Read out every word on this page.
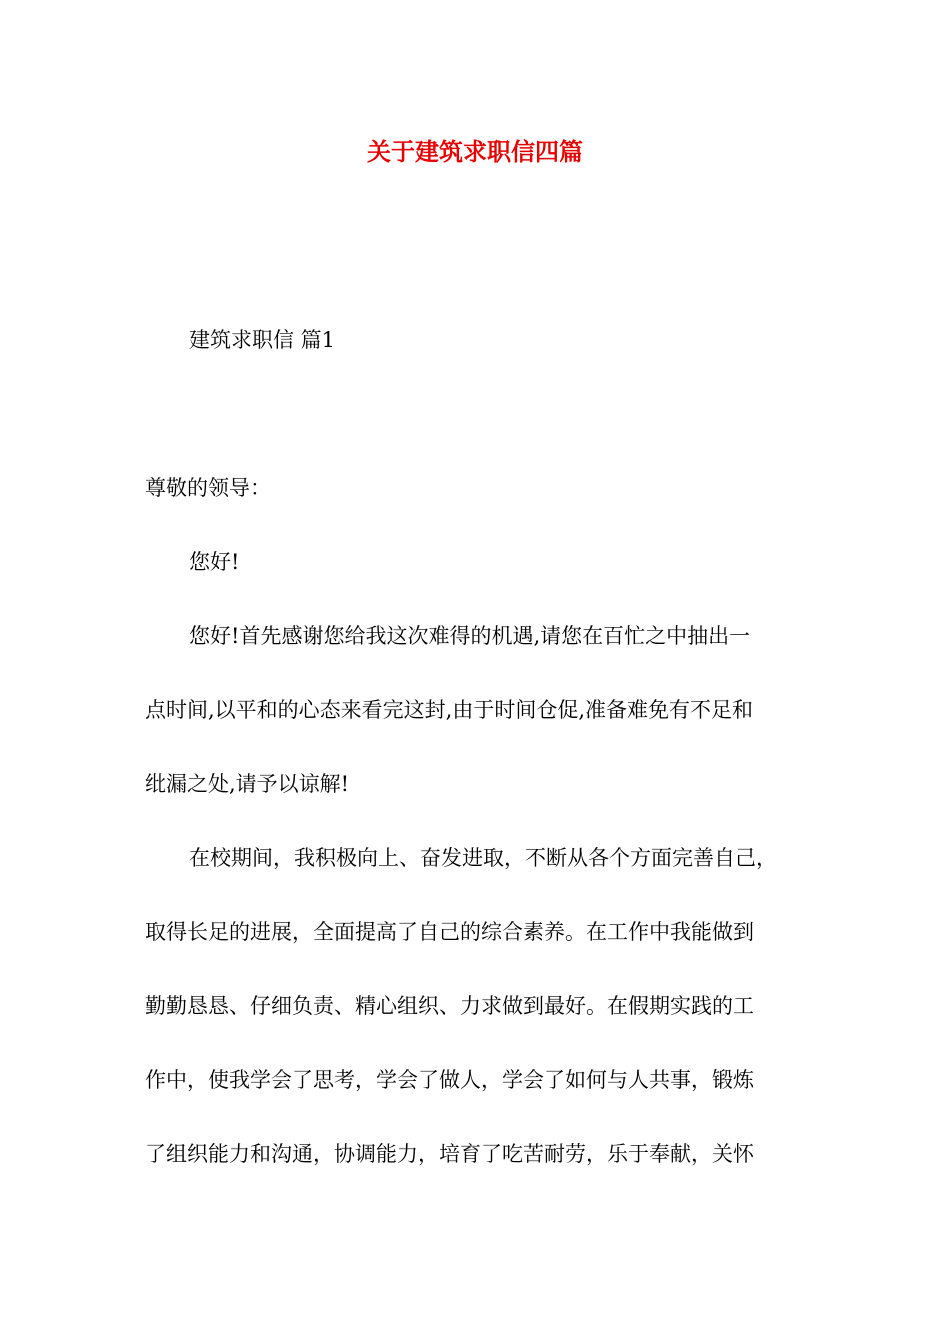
关于建筑求职信四篇

建筑求职信 篇1

尊敬的领导：
您好!
您好!首先感谢您给我这次难得的机遇,请您在百忙之中抽出一
点时间,以平和的心态来看完这封,由于时间仓促,准备难免有不足和
纰漏之处,请予以谅解!
在校期间，我积极向上、奋发进取，不断从各个方面完善自己，
取得长足的进展，全面提高了自己的综合素养。在工作中我能做到
勤勤恳恳、仔细负责、精心组织、力求做到最好。在假期实践的工
作中，使我学会了思考，学会了做人，学会了如何与人共事，锻炼
了组织能力和沟通，协调能力，培育了吃苦耐劳，乐于奉献，关怀
